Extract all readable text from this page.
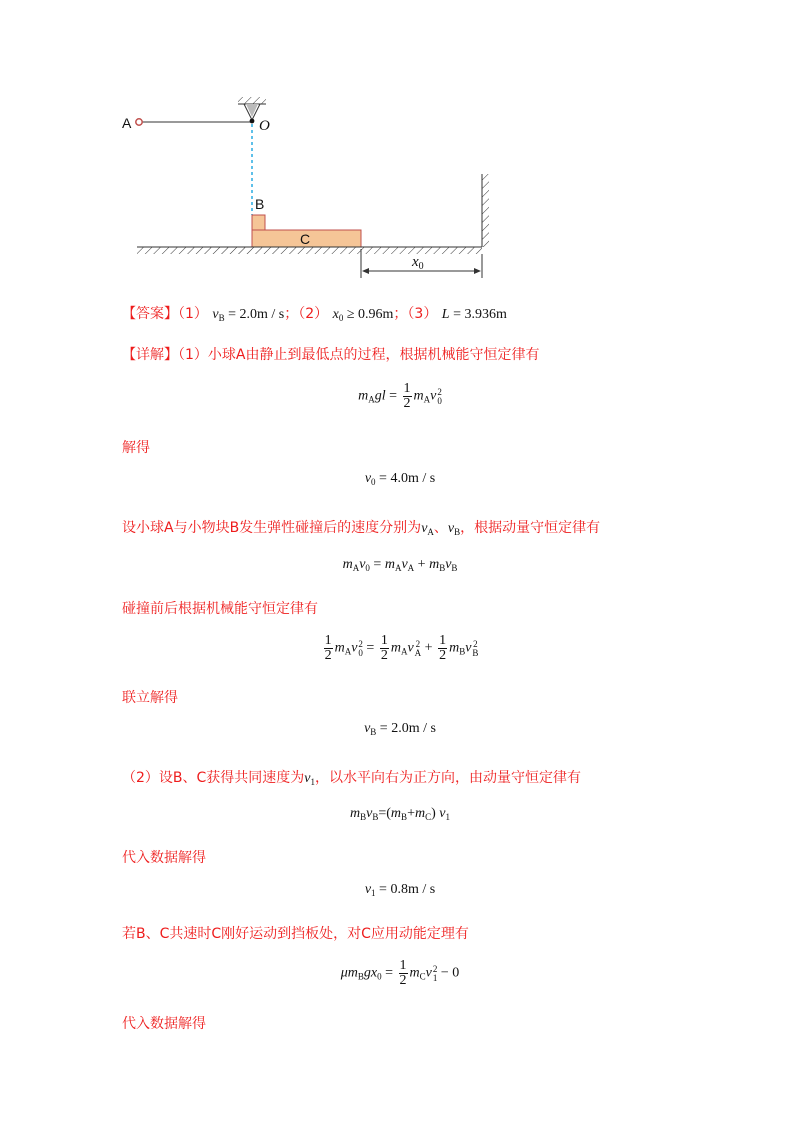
A	O
B
C
$x_0$
【答案】（1） $v_B = 2.0m / s$；（2） $x_0 \ge 0.96m$；（3） L = 3.936m
【详解】（1）小球A由静止到最低点的过程，根据机械能守恒定律有
$m_Agl = \frac{1}{2} m_Av$ 2
0
解得
$v_0 = 4.0m / s$
设小球A与小物块B发生弹性碰撞后的速度分别为$v_A$、$v_B$，根据动量守恒定律有
$m_Av_0 = m_Av_A + m_Bv_B$
碰撞前后根据机械能守恒定律有
$\frac{1}{2} m_Av$ 2
$0 = \frac{1}{2} m_Av$ 2
$A + \frac{1}{2} m_Bv$ 2
B
联立解得
$v_B = 2.0m / s$
（2）设B、C获得共同速度为$v_1$，以水平向右为正方向，由动量守恒定律有
$m_Bv_B=(m_B+m_C)$ $v_1$
代入数据解得
$v_1 = 0.8m / s$
若B、C共速时C刚好运动到挡板处，对C应用动能定理有
$\mu m_Bgx_0 = \frac{1}{2} m_Cv$ 2
1 − 0
代入数据解得
